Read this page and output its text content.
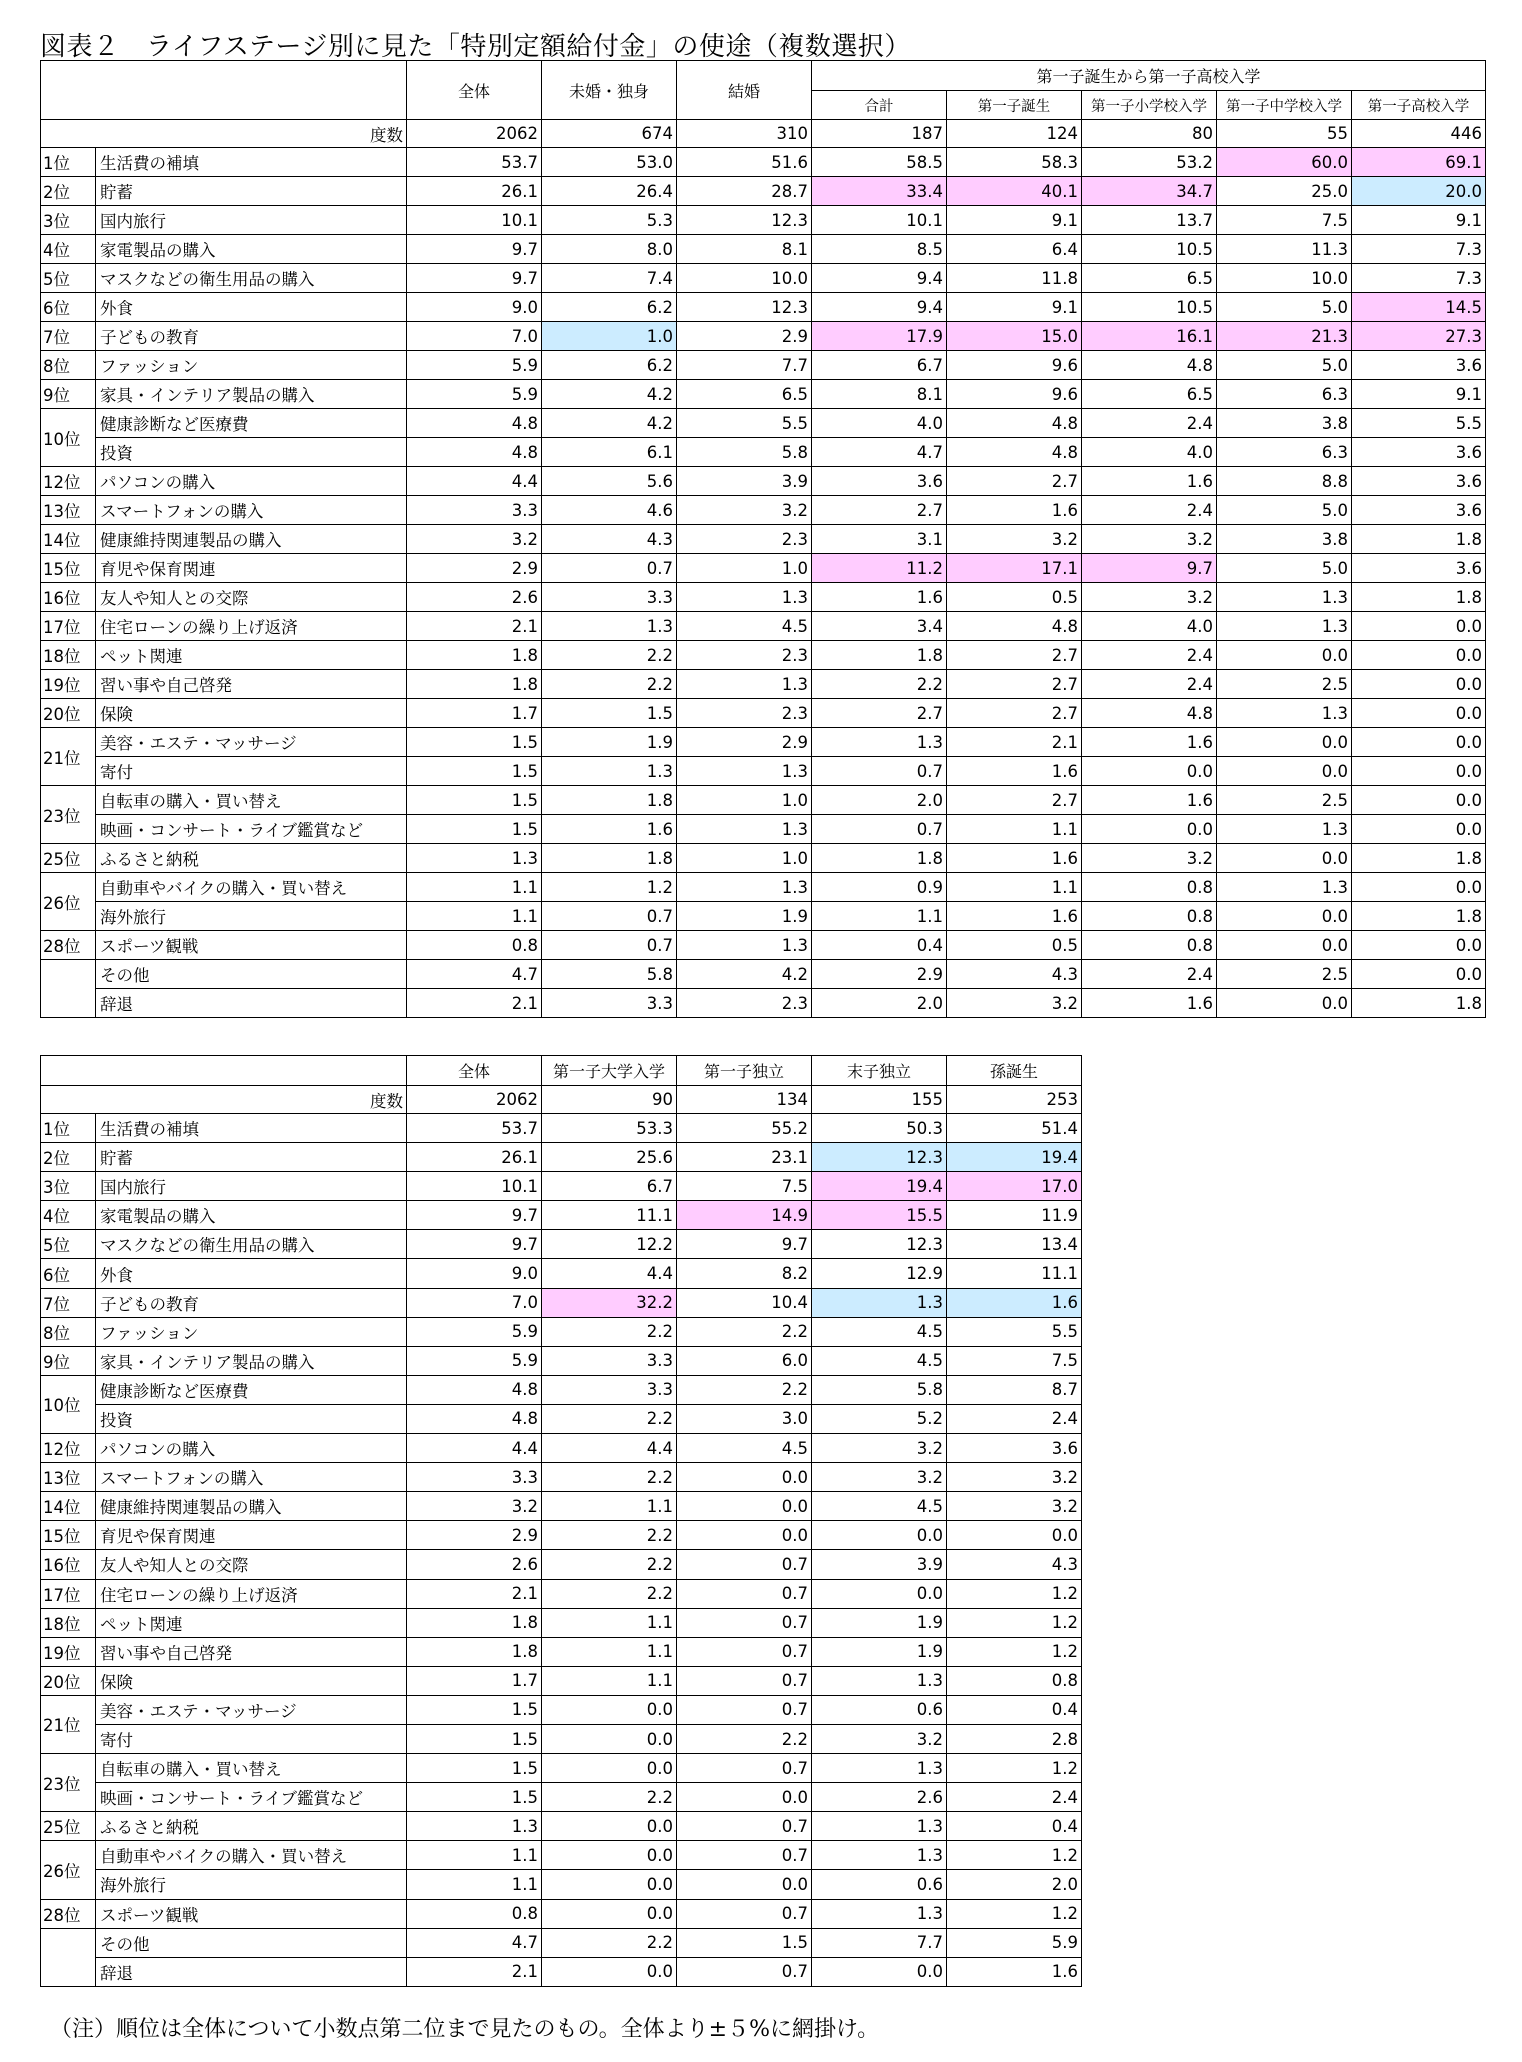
図表２　ライフステージ別に見た「特別定額給付金」の使途（複数選択）

		全体	未婚・独身	結婚	第一子誕生から第一子高校入学				
					合計	第一子誕生	第一子小学校入学	第一子中学校入学	第一子高校入学
度数		2062	674	310	187	124	80	55	446
1位	生活費の補填	53.7	53.0	51.6	58.5	58.3	53.2	60.0	69.1
2位	貯蓄	26.1	26.4	28.7	33.4	40.1	34.7	25.0	20.0
3位	国内旅行	10.1	5.3	12.3	10.1	9.1	13.7	7.5	9.1
4位	家電製品の購入	9.7	8.0	8.1	8.5	6.4	10.5	11.3	7.3
5位	マスクなどの衛生用品の購入	9.7	7.4	10.0	9.4	11.8	6.5	10.0	7.3
6位	外食	9.0	6.2	12.3	9.4	9.1	10.5	5.0	14.5
7位	子どもの教育	7.0	1.0	2.9	17.9	15.0	16.1	21.3	27.3
8位	ファッション	5.9	6.2	7.7	6.7	9.6	4.8	5.0	3.6
9位	家具・インテリア製品の購入	5.9	4.2	6.5	8.1	9.6	6.5	6.3	9.1
10位	健康診断など医療費	4.8	4.2	5.5	4.0	4.8	2.4	3.8	5.5
	投資	4.8	6.1	5.8	4.7	4.8	4.0	6.3	3.6
12位	パソコンの購入	4.4	5.6	3.9	3.6	2.7	1.6	8.8	3.6
13位	スマートフォンの購入	3.3	4.6	3.2	2.7	1.6	2.4	5.0	3.6
14位	健康維持関連製品の購入	3.2	4.3	2.3	3.1	3.2	3.2	3.8	1.8
15位	育児や保育関連	2.9	0.7	1.0	11.2	17.1	9.7	5.0	3.6
16位	友人や知人との交際	2.6	3.3	1.3	1.6	0.5	3.2	1.3	1.8
17位	住宅ローンの繰り上げ返済	2.1	1.3	4.5	3.4	4.8	4.0	1.3	0.0
18位	ペット関連	1.8	2.2	2.3	1.8	2.7	2.4	0.0	0.0
19位	習い事や自己啓発	1.8	2.2	1.3	2.2	2.7	2.4	2.5	0.0
20位	保険	1.7	1.5	2.3	2.7	2.7	4.8	1.3	0.0
21位	美容・エステ・マッサージ	1.5	1.9	2.9	1.3	2.1	1.6	0.0	0.0
	寄付	1.5	1.3	1.3	0.7	1.6	0.0	0.0	0.0
23位	自転車の購入・買い替え	1.5	1.8	1.0	2.0	2.7	1.6	2.5	0.0
	映画・コンサート・ライブ鑑賞など	1.5	1.6	1.3	0.7	1.1	0.0	1.3	0.0
25位	ふるさと納税	1.3	1.8	1.0	1.8	1.6	3.2	0.0	1.8
26位	自動車やバイクの購入・買い替え	1.1	1.2	1.3	0.9	1.1	0.8	1.3	0.0
	海外旅行	1.1	0.7	1.9	1.1	1.6	0.8	0.0	1.8
28位	スポーツ観戦	0.8	0.7	1.3	0.4	0.5	0.8	0.0	0.0
	その他	4.7	5.8	4.2	2.9	4.3	2.4	2.5	0.0
	辞退	2.1	3.3	2.3	2.0	3.2	1.6	0.0	1.8

		全体	第一子大学入学	第一子独立	末子独立	孫誕生
度数		2062	90	134	155	253
1位	生活費の補填	53.7	53.3	55.2	50.3	51.4
2位	貯蓄	26.1	25.6	23.1	12.3	19.4
3位	国内旅行	10.1	6.7	7.5	19.4	17.0
4位	家電製品の購入	9.7	11.1	14.9	15.5	11.9
5位	マスクなどの衛生用品の購入	9.7	12.2	9.7	12.3	13.4
6位	外食	9.0	4.4	8.2	12.9	11.1
7位	子どもの教育	7.0	32.2	10.4	1.3	1.6
8位	ファッション	5.9	2.2	2.2	4.5	5.5
9位	家具・インテリア製品の購入	5.9	3.3	6.0	4.5	7.5
10位	健康診断など医療費	4.8	3.3	2.2	5.8	8.7
	投資	4.8	2.2	3.0	5.2	2.4
12位	パソコンの購入	4.4	4.4	4.5	3.2	3.6
13位	スマートフォンの購入	3.3	2.2	0.0	3.2	3.2
14位	健康維持関連製品の購入	3.2	1.1	0.0	4.5	3.2
15位	育児や保育関連	2.9	2.2	0.0	0.0	0.0
16位	友人や知人との交際	2.6	2.2	0.7	3.9	4.3
17位	住宅ローンの繰り上げ返済	2.1	2.2	0.7	0.0	1.2
18位	ペット関連	1.8	1.1	0.7	1.9	1.2
19位	習い事や自己啓発	1.8	1.1	0.7	1.9	1.2
20位	保険	1.7	1.1	0.7	1.3	0.8
21位	美容・エステ・マッサージ	1.5	0.0	0.7	0.6	0.4
	寄付	1.5	0.0	2.2	3.2	2.8
23位	自転車の購入・買い替え	1.5	0.0	0.7	1.3	1.2
	映画・コンサート・ライブ鑑賞など	1.5	2.2	0.0	2.6	2.4
25位	ふるさと納税	1.3	0.0	0.7	1.3	0.4
26位	自動車やバイクの購入・買い替え	1.1	0.0	0.7	1.3	1.2
	海外旅行	1.1	0.0	0.0	0.6	2.0
28位	スポーツ観戦	0.8	0.0	0.7	1.3	1.2
	その他	4.7	2.2	1.5	7.7	5.9
	辞退	2.1	0.0	0.7	0.0	1.6
（注）順位は全体について小数点第二位まで見たのもの。全体より±５%に網掛け。
